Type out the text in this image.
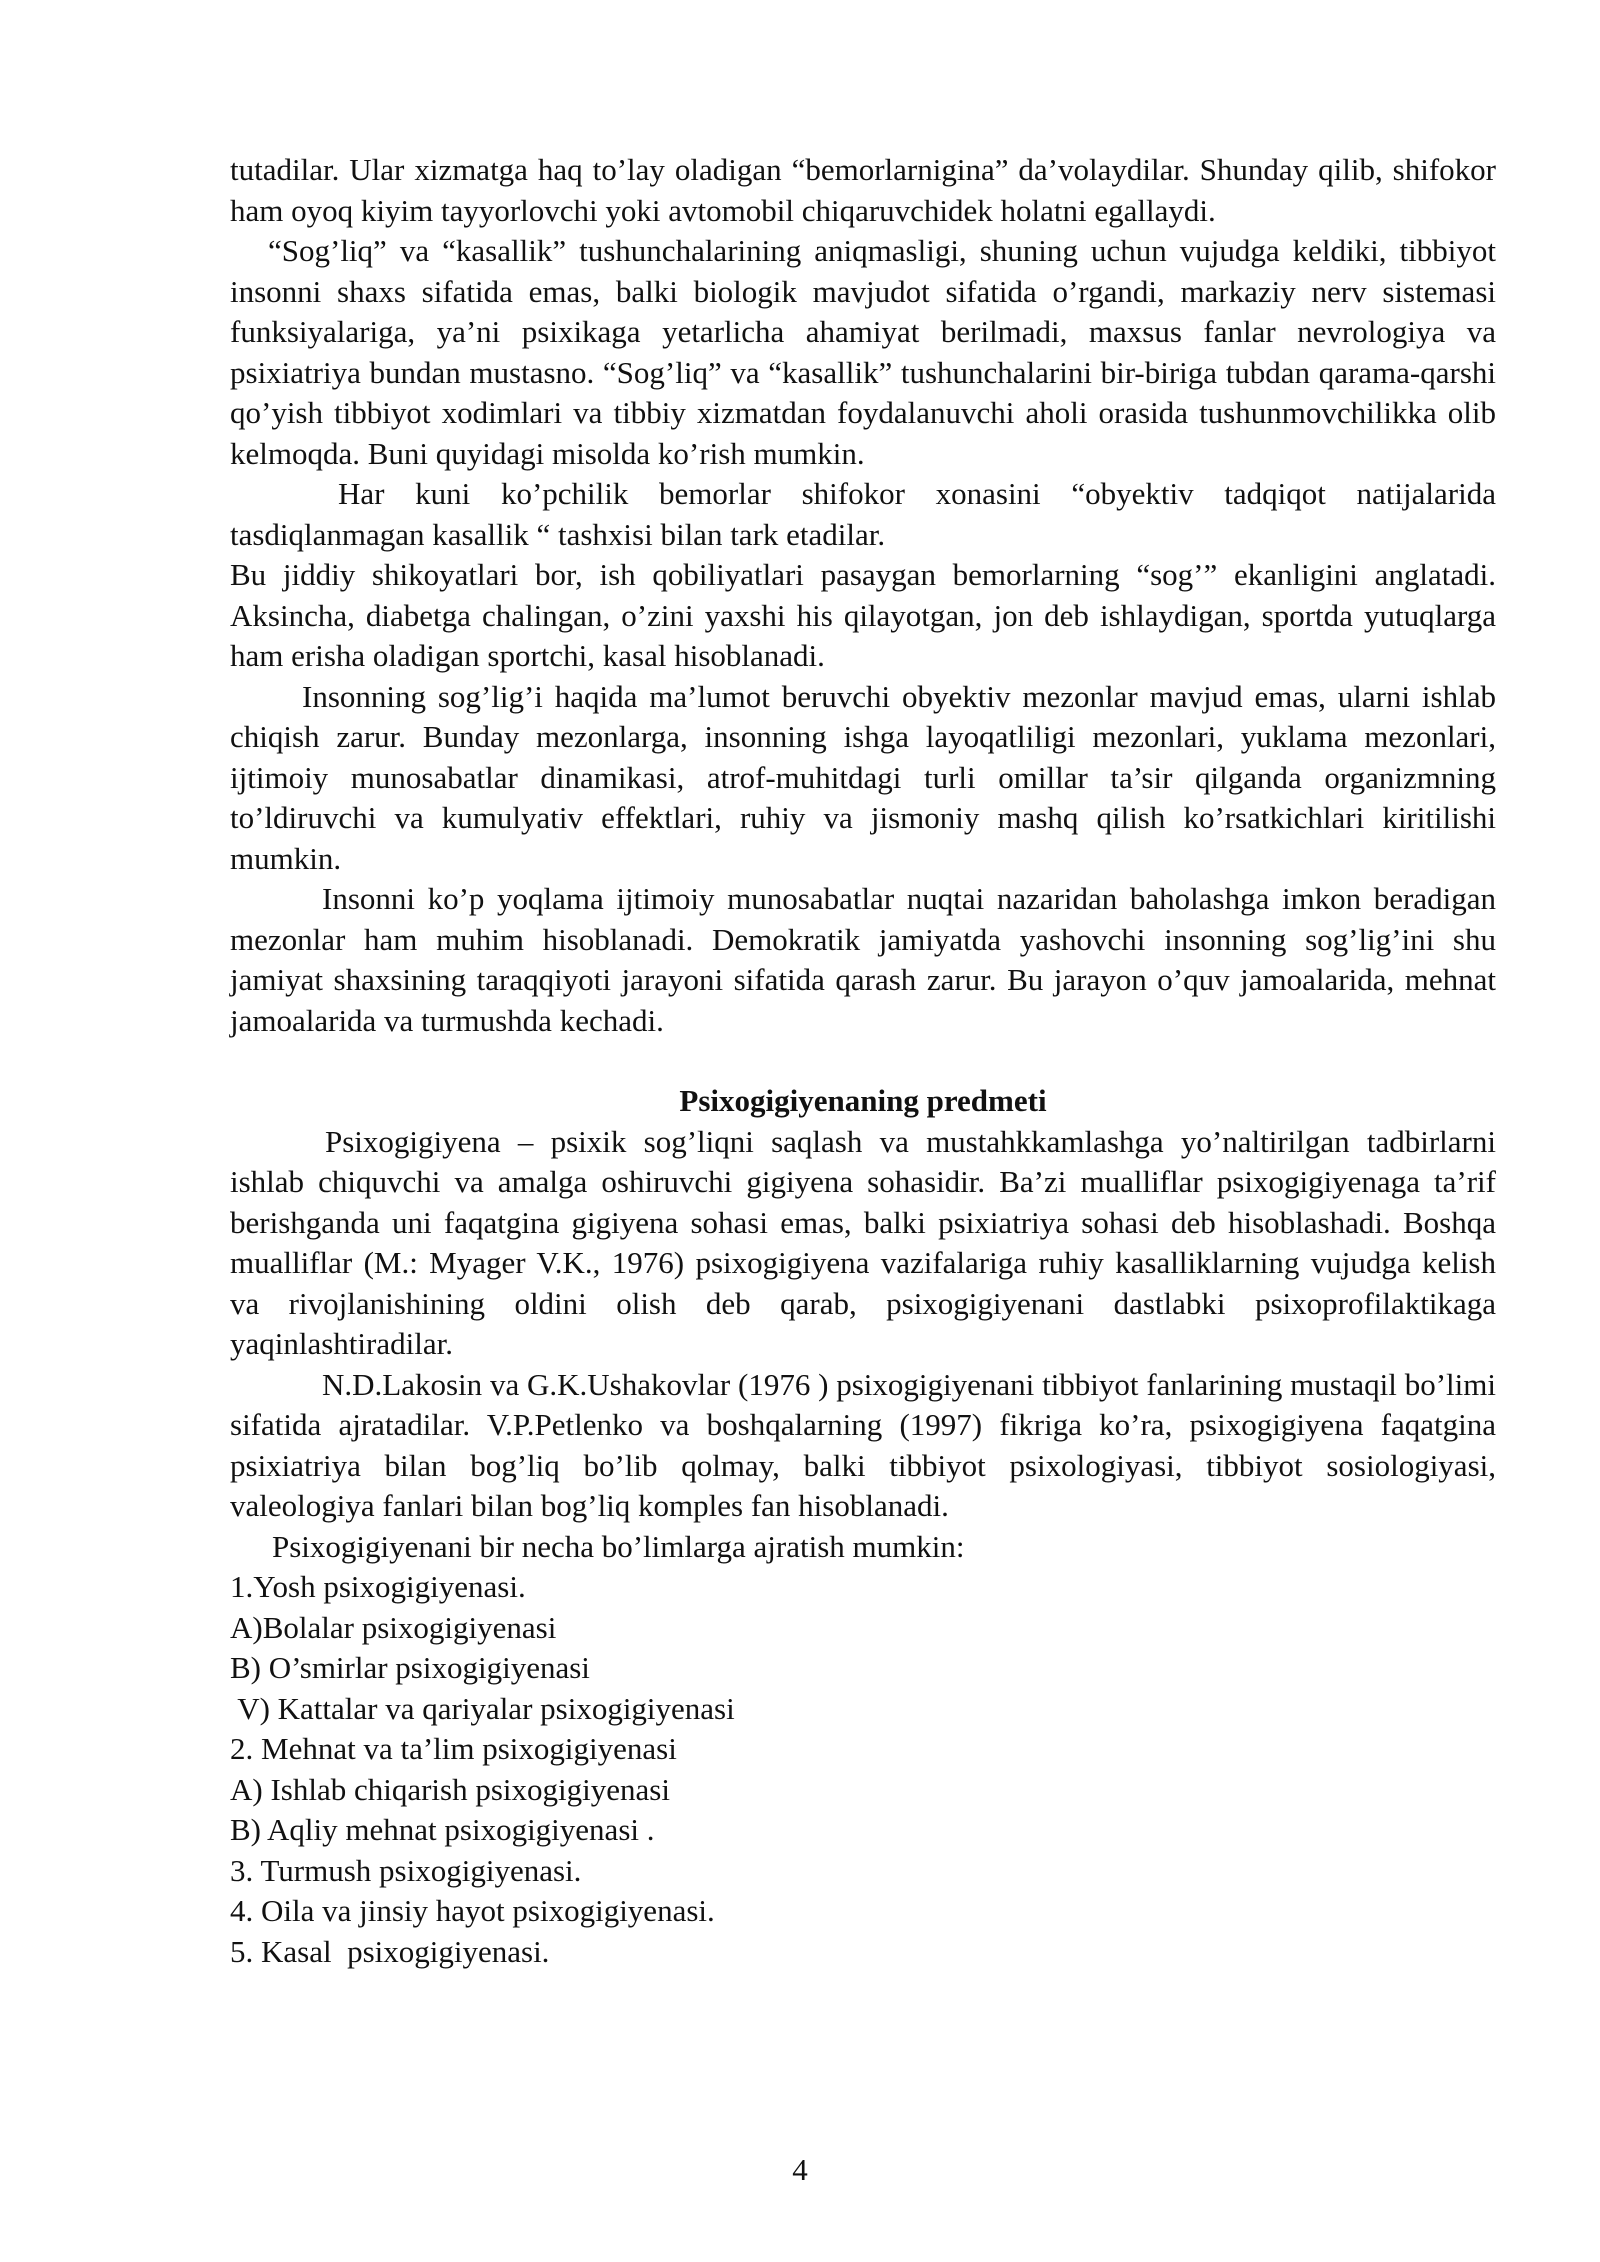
tutadilar. Ular xizmatga haq to’lay oladigan “bemorlarnigina” da’volaydilar. Shunday qilib, shifokor ham oyoq kiyim tayyorlovchi yoki avtomobil chiqaruvchidek holatni egallaydi.

“Sog’liq” va “kasallik” tushunchalarining aniqmasligi, shuning uchun vujudga keldiki, tibbiyot insonni shaxs sifatida emas, balki biologik mavjudot sifatida o’rgandi, markaziy nerv sistemasi funksiyalariga, ya’ni psixikaga yetarlicha ahamiyat berilmadi, maxsus fanlar nevrologiya va psixiatriya bundan mustasno. “Sog’liq” va “kasallik” tushunchalarini bir-biriga tubdan qarama-qarshi qo’yish tibbiyot xodimlari va tibbiy xizmatdan foydalanuvchi aholi orasida tushunmovchilikka olib kelmoqda. Buni quyidagi misolda ko’rish mumkin.

Har kuni ko’pchilik bemorlar shifokor xonasini “obyektiv tadqiqot natijalarida tasdiqlanmagan kasallik “ tashxisi bilan tark etadilar.

Bu jiddiy shikoyatlari bor, ish qobiliyatlari pasaygan bemorlarning “sog’” ekanligini anglatadi. Aksincha, diabetga chalingan, o’zini yaxshi his qilayotgan, jon deb ishlaydigan, sportda yutuqlarga ham erisha oladigan sportchi, kasal hisoblanadi.

Insonning sog’lig’i haqida ma’lumot beruvchi obyektiv mezonlar mavjud emas, ularni ishlab chiqish zarur. Bunday mezonlarga, insonning ishga layoqatliligi mezonlari, yuklama mezonlari, ijtimoiy munosabatlar dinamikasi, atrof-muhitdagi turli omillar ta’sir qilganda organizmning to’ldiruvchi va kumulyativ effektlari, ruhiy va jismoniy mashq qilish ko’rsatkichlari kiritilishi mumkin.

Insonni ko’p yoqlama ijtimoiy munosabatlar nuqtai nazaridan baholashga imkon beradigan mezonlar ham muhim hisoblanadi. Demokratik jamiyatda yashovchi insonning sog’lig’ini shu jamiyat shaxsining taraqqiyoti jarayoni sifatida qarash zarur. Bu jarayon o’quv jamoalarida, mehnat jamoalarida va turmushda kechadi.

Psixogigiyenaning predmeti

Psixogigiyena – psixik sog’liqni saqlash va mustahkkamlashga yo’naltirilgan tadbirlarni ishlab chiquvchi va amalga oshiruvchi gigiyena sohasidir. Ba’zi mualliflar psixogigiyenaga ta’rif berishganda uni faqatgina gigiyena sohasi emas, balki psixiatriya sohasi deb hisoblashadi. Boshqa mualliflar (M.: Myager V.K., 1976) psixogigiyena vazifalariga ruhiy kasalliklarning vujudga kelish va rivojlanishining oldini olish deb qarab, psixogigiyenani dastlabki psixoprofilaktikaga yaqinlashtiradilar.

N.D.Lakosin va G.K.Ushakovlar (1976 ) psixogigiyenani tibbiyot fanlarining mustaqil bo’limi sifatida ajratadilar. V.P.Petlenko va boshqalarning (1997) fikriga ko’ra, psixogigiyena faqatgina psixiatriya bilan bog’liq bo’lib qolmay, balki tibbiyot psixologiyasi, tibbiyot sosiologiyasi, valeologiya fanlari bilan bog’liq komples fan hisoblanadi.

Psixogigiyenani bir necha bo’limlarga ajratish mumkin:

1.Yosh psixogigiyenasi.
A)Bolalar psixogigiyenasi
B) O’smirlar psixogigiyenasi
V) Kattalar va qariyalar psixogigiyenasi
2. Mehnat va ta’lim psixogigiyenasi
A) Ishlab chiqarish psixogigiyenasi
B) Aqliy mehnat psixogigiyenasi .
3. Turmush psixogigiyenasi.
4. Oila va jinsiy hayot psixogigiyenasi.
5. Kasal  psixogigiyenasi.
4
